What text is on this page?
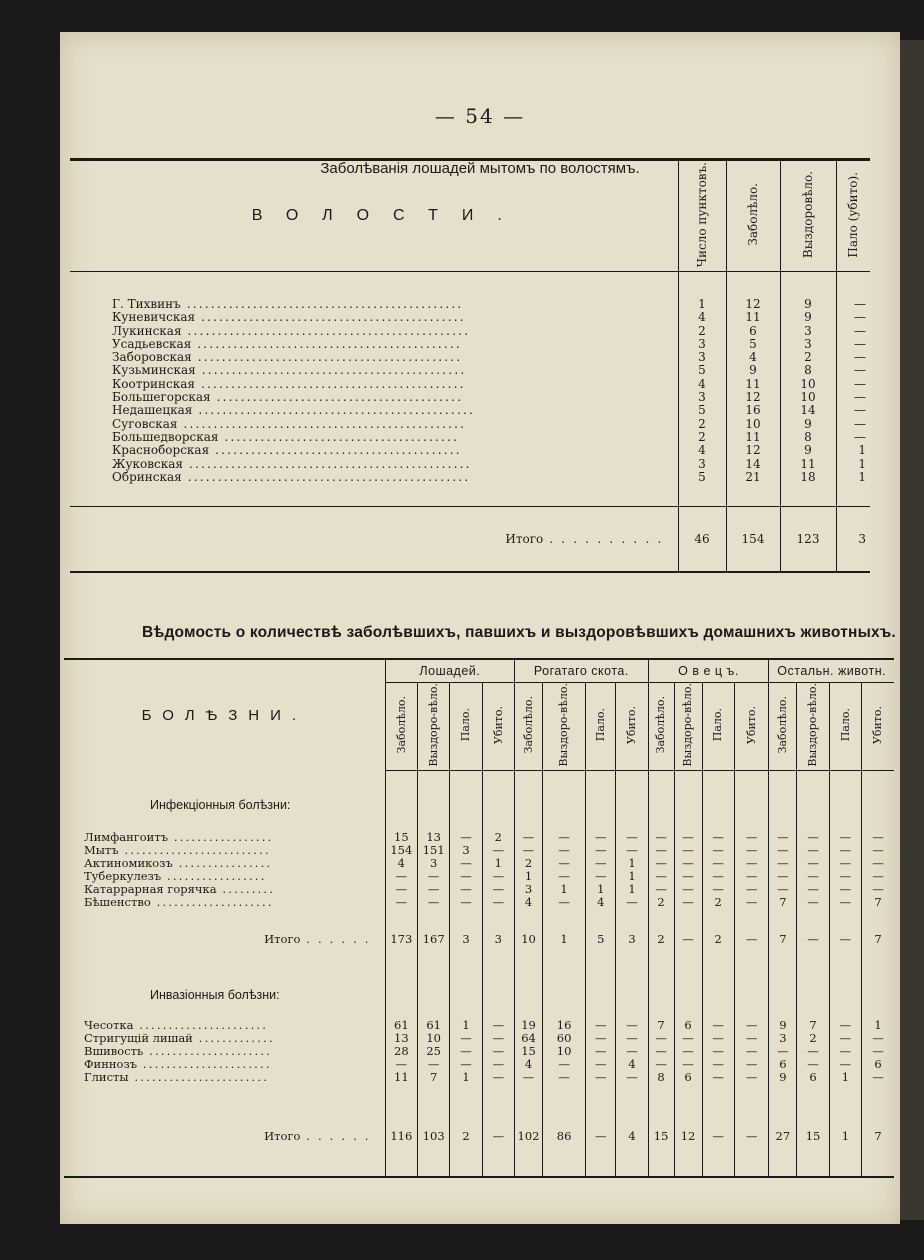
— 54 —
Заболѣванія лошадей мытомъ по волостямъ.
Вѣдомость о количествѣ заболѣвшихъ, павшихъ и выздоровѣвшихъ домашнихъ животныхъ.
ВОЛОСТИ.	Число пунктовъ.	Заболѣло.	Выздоровѣло.	Пало (убито).

Г. Тихвинъ ..............................................	1	12	9	—
Куневичская ............................................	4	11	9	—
Лукинская ...............................................	2	6	3	—
Усадьевская ............................................	3	5	3	—
Заборовская ............................................	3	4	2	—
Кузьминская ............................................	5	9	8	—
Коотринская ............................................	4	11	10	—
Большегорская .........................................	3	12	10	—
Недашецкая ..............................................	5	16	14	—
Суговская ...............................................	2	10	9	—
Большедворская .......................................	2	11	8	—
Красноборская .........................................	4	12	9	1
Жуковская ...............................................	3	14	11	1
Обринская ...............................................	5	21	18	1

Итого . . . . . . . . . .	46	154	123	3
БОЛѢЗНИ.	Лошадей.				Рогатаго скота.				О в е ц ъ.				Остальн. животн.			
	Заболѣло.	Выздоро-вѣло.	Пало.	Убито.	Заболѣло.	Выздоро-вѣло.	Пало.	Убито.	Заболѣло.	Выздоро-вѣло.	Пало.	Убито.	Заболѣло.	Выздоро-вѣло.	Пало.	Убито.

Инфекціонныя болѣзни:																

Лимфангоитъ .................	15	13	—	2	—	—	—	—	—	—	—	—	—	—	—	—
Мытъ .........................	154	151	3	—	—	—	—	—	—	—	—	—	—	—	—	—
Актиномикозъ ................	4	3	—	1	2	—	—	1	—	—	—	—	—	—	—	—
Туберкулезъ .................	—	—	—	—	1	—	—	1	—	—	—	—	—	—	—	—
Катаррарная горячка .........	—	—	—	—	3	1	1	1	—	—	—	—	—	—	—	—
Бѣшенство ....................	—	—	—	—	4	—	4	—	2	—	2	—	7	—	—	7

Итого . . . . . .	173	167	3	3	10	1	5	3	2	—	2	—	7	—	—	7

Инвазіонныя болѣзни:																

Чесотка ......................	61	61	1	—	19	16	—	—	7	6	—	—	9	7	—	1
Стригущій лишай .............	13	10	—	—	64	60	—	—	—	—	—	—	3	2	—	—
Вшивость .....................	28	25	—	—	15	10	—	—	—	—	—	—	—	—	—	—
Финнозъ ......................	—	—	—	—	4	—	—	4	—	—	—	—	6	—	—	6
Глисты .......................	11	7	1	—	—	—	—	—	8	6	—	—	9	6	1	—

Итого . . . . . .	116	103	2	—	102	86	—	4	15	12	—	—	27	15	1	7
